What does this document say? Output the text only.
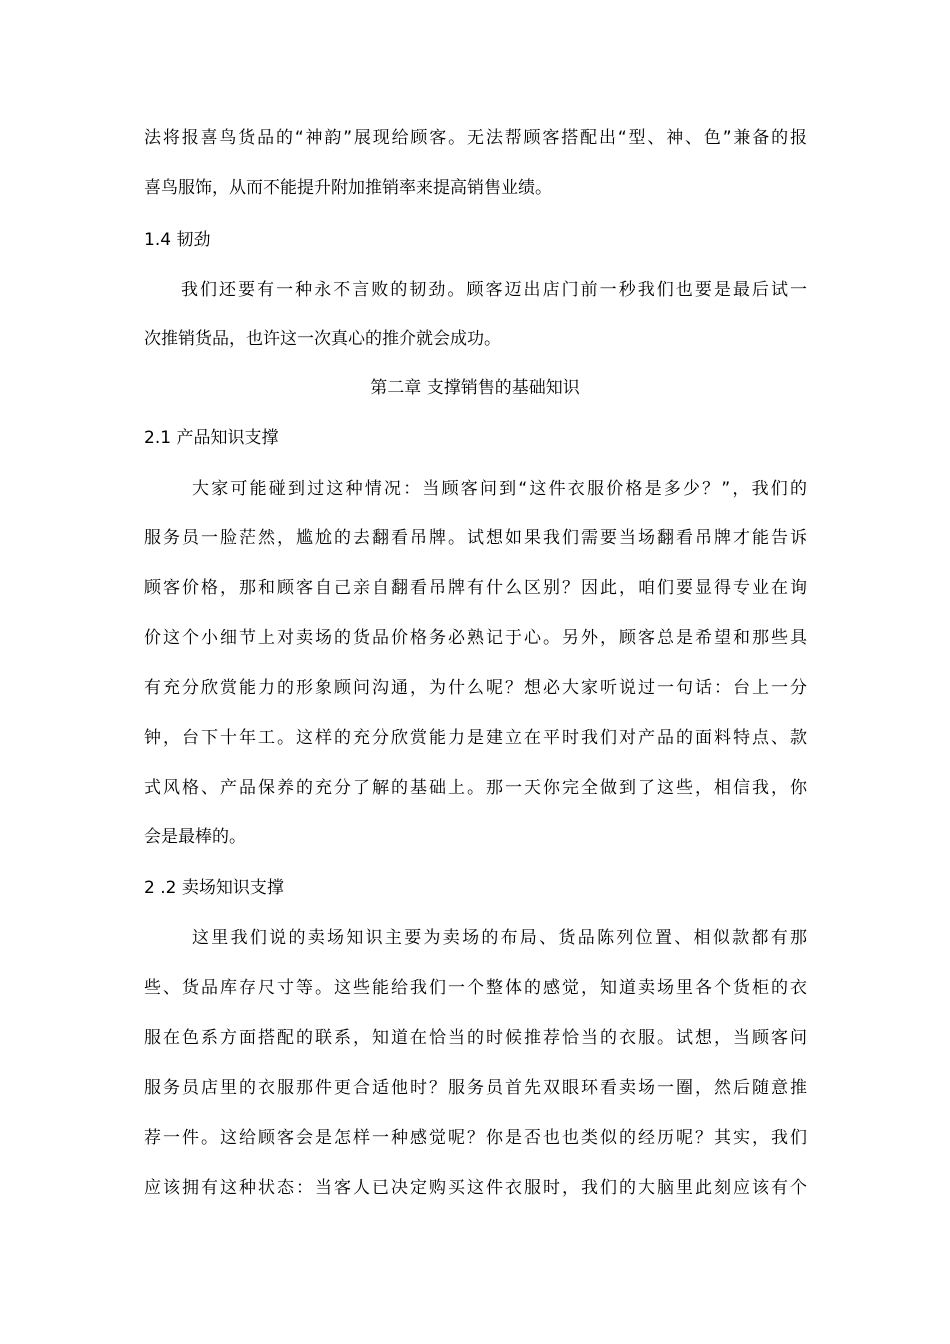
法将报喜鸟货品的“神韵”展现给顾客。无法帮顾客搭配出“型、神、色”兼备的报
喜鸟服饰，从而不能提升附加推销率来提高销售业绩。
1.4 韧劲
我们还要有一种永不言败的韧劲。顾客迈出店门前一秒我们也要是最后试一
次推销货品，也许这一次真心的推介就会成功。
第二章 支撑销售的基础知识
2.1 产品知识支撑
大家可能碰到过这种情况：当顾客问到“这件衣服价格是多少？”，我们的
服务员一脸茫然，尴尬的去翻看吊牌。试想如果我们需要当场翻看吊牌才能告诉
顾客价格，那和顾客自己亲自翻看吊牌有什么区别？因此，咱们要显得专业在询
价这个小细节上对卖场的货品价格务必熟记于心。另外，顾客总是希望和那些具
有充分欣赏能力的形象顾问沟通，为什么呢？想必大家听说过一句话：台上一分
钟，台下十年工。这样的充分欣赏能力是建立在平时我们对产品的面料特点、款
式风格、产品保养的充分了解的基础上。那一天你完全做到了这些，相信我，你
会是最棒的。
2 .2 卖场知识支撑
这里我们说的卖场知识主要为卖场的布局、货品陈列位置、相似款都有那
些、货品库存尺寸等。这些能给我们一个整体的感觉，知道卖场里各个货柜的衣
服在色系方面搭配的联系，知道在恰当的时候推荐恰当的衣服。试想，当顾客问
服务员店里的衣服那件更合适他时？服务员首先双眼环看卖场一圈，然后随意推
荐一件。这给顾客会是怎样一种感觉呢？你是否也也类似的经历呢？其实，我们
应该拥有这种状态：当客人已决定购买这件衣服时，我们的大脑里此刻应该有个
